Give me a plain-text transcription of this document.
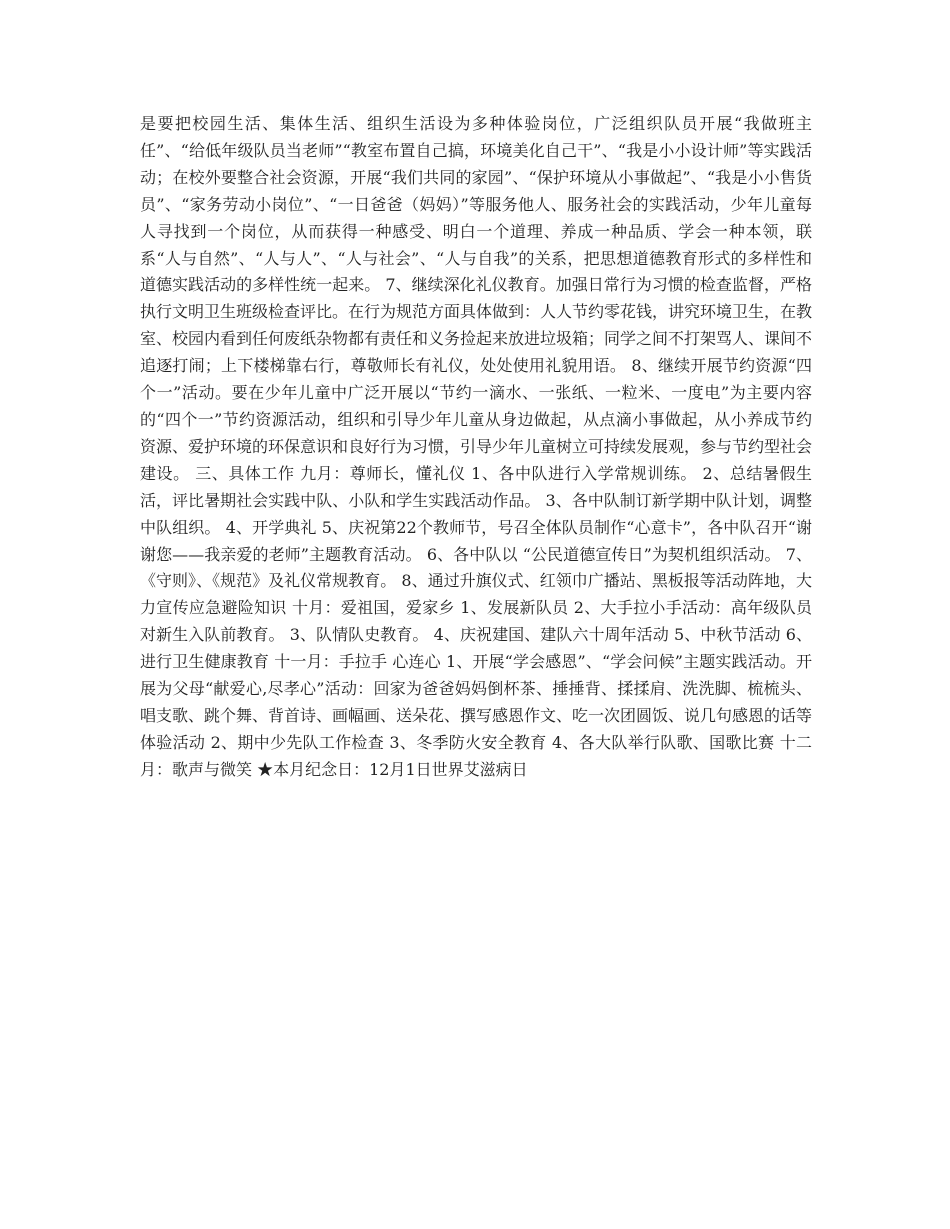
是要把校园生活、集体生活、组织生活设为多种体验岗位，广泛组织队员开展“我做班主任”、“给低年级队员当老师”“教室布置自己搞，环境美化自己干”、“我是小小设计师”等实践活动；在校外要整合社会资源，开展“我们共同的家园”、“保护环境从小事做起”、“我是小小售货员”、“家务劳动小岗位”、“一日爸爸（妈妈）”等服务他人、服务社会的实践活动，少年儿童每人寻找到一个岗位，从而获得一种感受、明白一个道理、养成一种品质、学会一种本领，联系“人与自然”、“人与人”、“人与社会”、“人与自我”的关系，把思想道德教育形式的多样性和道德实践活动的多样性统一起来。 7、继续深化礼仪教育。加强日常行为习惯的检查监督，严格执行文明卫生班级检查评比。在行为规范方面具体做到：人人节约零花钱，讲究环境卫生，在教室、校园内看到任何废纸杂物都有责任和义务捡起来放进垃圾箱；同学之间不打架骂人、课间不追逐打闹；上下楼梯靠右行，尊敬师长有礼仪，处处使用礼貌用语。 8、继续开展节约资源“四个一”活动。要在少年儿童中广泛开展以“节约一滴水、一张纸、一粒米、一度电”为主要内容的“四个一”节约资源活动，组织和引导少年儿童从身边做起，从点滴小事做起，从小养成节约资源、爱护环境的环保意识和良好行为习惯，引导少年儿童树立可持续发展观，参与节约型社会建设。 三、具体工作 九月：尊师长，懂礼仪 1、各中队进行入学常规训练。 2、总结暑假生活，评比暑期社会实践中队、小队和学生实践活动作品。 3、各中队制订新学期中队计划，调整中队组织。 4、开学典礼 5、庆祝第22个教师节，号召全体队员制作“心意卡”，各中队召开“谢谢您——我亲爱的老师”主题教育活动。 6、各中队以 “公民道德宣传日”为契机组织活动。 7、《守则》、《规范》及礼仪常规教育。 8、通过升旗仪式、红领巾广播站、黑板报等活动阵地，大力宣传应急避险知识 十月：爱祖国，爱家乡 1、发展新队员 2、大手拉小手活动：高年级队员对新生入队前教育。 3、队情队史教育。 4、庆祝建国、建队六十周年活动 5、中秋节活动 6、进行卫生健康教育 十一月：手拉手 心连心 1、开展“学会感恩”、“学会问候”主题实践活动。开展为父母“献爱心,尽孝心”活动：回家为爸爸妈妈倒杯茶、捶捶背、揉揉肩、洗洗脚、梳梳头、唱支歌、跳个舞、背首诗、画幅画、送朵花、撰写感恩作文、吃一次团圆饭、说几句感恩的话等体验活动 2、期中少先队工作检查 3、冬季防火安全教育 4、各大队举行队歌、国歌比赛 十二月：歌声与微笑 ★本月纪念日：12月1日世界艾滋病日
